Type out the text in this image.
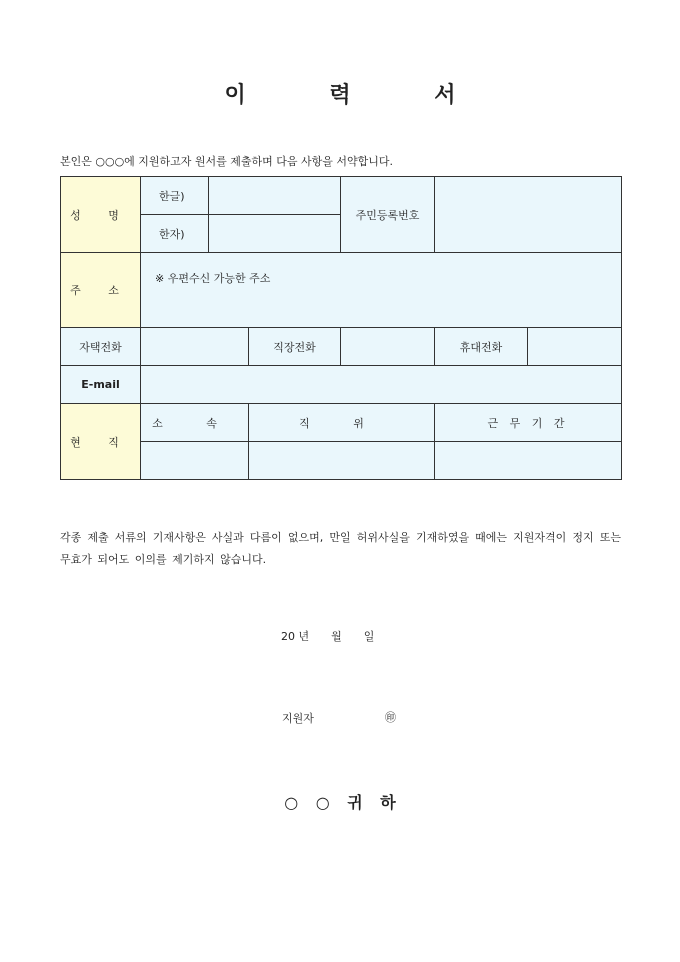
이 력 서
본인은 ○○○에 지원하고자 원서를 제출하며 다음 사항을 서약합니다.
성 명	한글)			주민등록번호		
	한자)					
주 소	※ 우편수신 가능한 주소					
자택전화			직장전화		휴대전화	
E-mail						
현 직	소 속		직 위		근 무 기 간	

각종 제출 서류의 기재사항은 사실과 다름이 없으며, 만일 허위사실을 기재하였을 때에는 지원자격이 정지 또는 무효가 되어도 이의를 제기하지 않습니다.
20 년 월 일
지원자	㊞
○ ○ 귀 하
